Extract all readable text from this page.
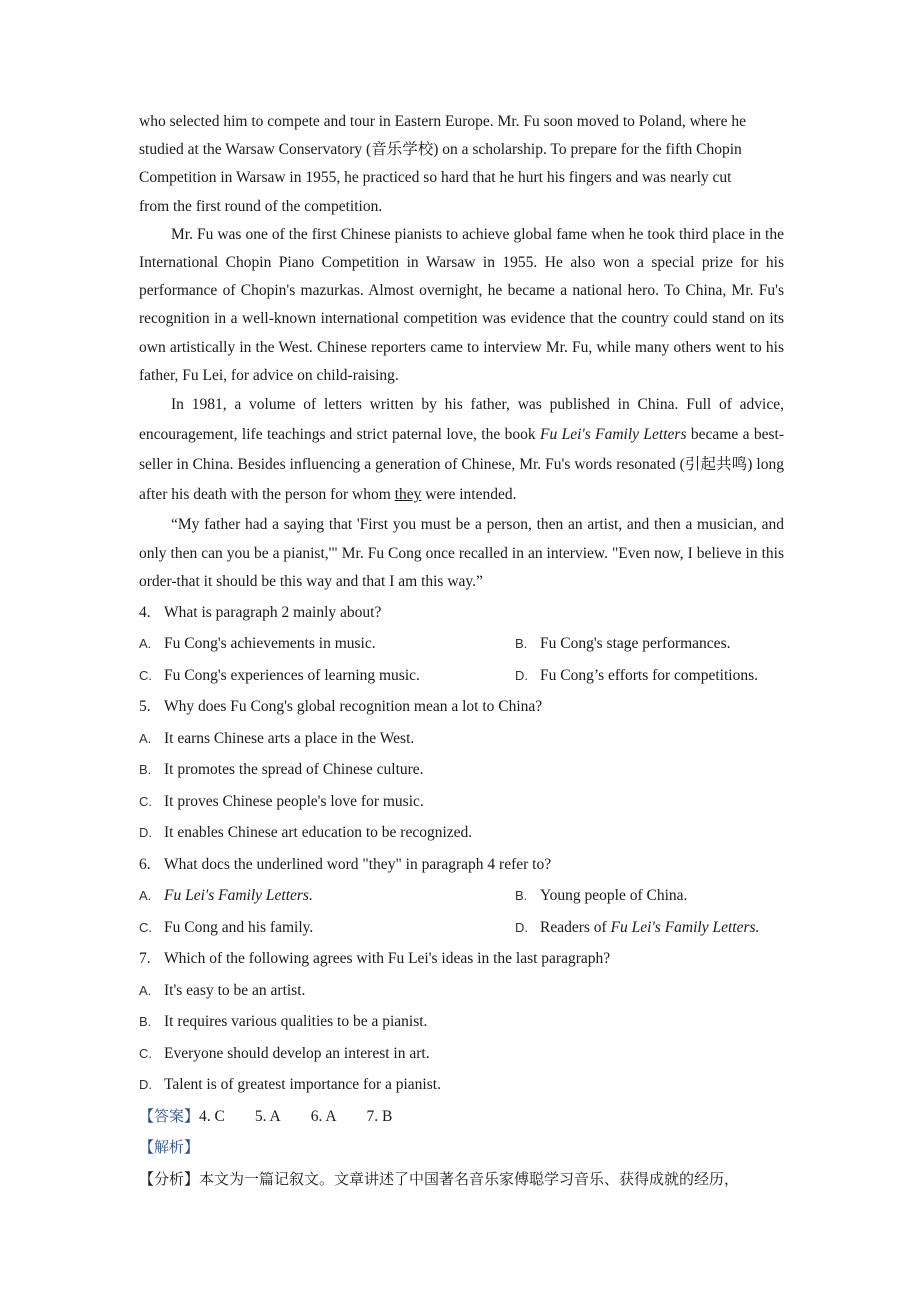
who selected him to compete and tour in Eastern Europe. Mr. Fu soon moved to Poland, where he

studied at the Warsaw Conservatory (音乐学校) on a scholarship. To prepare for the fifth Chopin

Competition in Warsaw in 1955, he practiced so hard that he hurt his fingers and was nearly cut

from the first round of the competition.

Mr. Fu was one of the first Chinese pianists to achieve global fame when he took third place in the International Chopin Piano Competition in Warsaw in 1955. He also won a special prize for his performance of Chopin's mazurkas. Almost overnight, he became a national hero. To China, Mr. Fu's recognition in a well-known international competition was evidence that the country could stand on its own artistically in the West. Chinese reporters came to interview Mr. Fu, while many others went to his father, Fu Lei, for advice on child-raising.

In 1981, a volume of letters written by his father, was published in China. Full of advice, encouragement, life teachings and strict paternal love, the book Fu Lei's Family Letters became a best-seller in China. Besides influencing a generation of Chinese, Mr. Fu's words resonated (引起共鸣) long after his death with the person for whom they were intended.

“My father had a saying that 'First you must be a person, then an artist, and then a musician, and only then can you be a pianist,'" Mr. Fu Cong once recalled in an interview. "Even now, I believe in this order-that it should be this way and that I am this way.”

4. What is paragraph 2 mainly about?
A. Fu Cong's achievements in music.	B. Fu Cong's stage performances.
C. Fu Cong's experiences of learning music.	D. Fu Cong’s efforts for competitions.
5. Why does Fu Cong's global recognition mean a lot to China?
A. It earns Chinese arts a place in the West.
B. It promotes the spread of Chinese culture.
C. It proves Chinese people's love for music.
D. It enables Chinese art education to be recognized.
6. What docs the underlined word "they" in paragraph 4 refer to?
A. Fu Lei's Family Letters.	B. Young people of China.
C. Fu Cong and his family.	D. Readers of Fu Lei's Family Letters.
7. Which of the following agrees with Fu Lei's ideas in the last paragraph?
A. It's easy to be an artist.
B. It requires various qualities to be a pianist.
C. Everyone should develop an interest in art.
D. Talent is of greatest importance for a pianist.
【答案】4. C 5. A 6. A 7. B
【解析】
【分析】本文为一篇记叙文。文章讲述了中国著名音乐家傅聪学习音乐、获得成就的经历，
